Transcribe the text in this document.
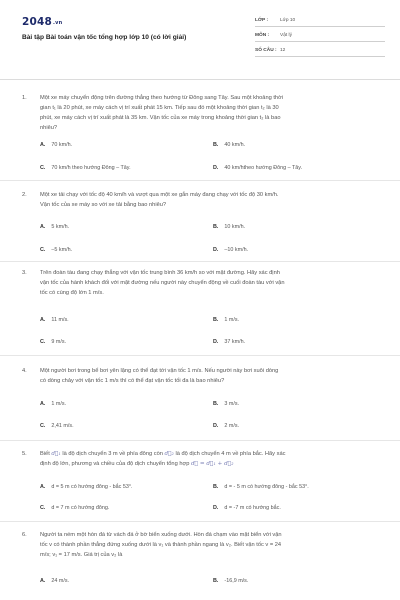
2048.vn
Bài tập Bài toán vận tốc tổng hợp lớp 10 (có lời giải)
LỚP :	Lớp 10
MÔN :	Vật lý
SỐ CÂU : 12
1. Một xe máy chuyển động trên đường thẳng theo hướng từ Đông sang Tây. Sau một khoảng thời
gian t₁ là 20 phút, xe máy cách vị trí xuất phát 15 km. Tiếp sau đó một khoảng thời gian t₂ là 30
phút, xe máy cách vị trí xuất phát là 35 km. Vận tốc của xe máy trong khoảng thời gian t₂ là bao
nhiêu?
A. 70 km/h.	B. 40 km/h.
C. 70 km/h theo hướng Đông – Tây.	D. 40 km/htheo hướng Đông – Tây.
2. Một xe tải chạy với tốc độ 40 km/h và vượt qua một xe gắn máy đang chạy với tốc độ 30 km/h.
Vận tốc của xe máy so với xe tải bằng bao nhiêu?
A. 5 km/h.	B. 10 km/h.
C. –5 km/h.	D. –10 km/h.
3. Trên đoàn tàu đang chạy thẳng với vận tốc trung bình 36 km/h so với mặt đường. Hãy xác định
vận tốc của hành khách đối với mặt đường nếu người này chuyển động về cuối đoàn tàu với vận
tốc có cùng độ lớn 1 m/s.
A. 11 m/s.	B. 1 m/s.
C. 9 m/s.	D. 37 km/h.
4. Một người bơi trong bể bơi yên lặng có thể đạt tới vận tốc 1 m/s. Nếu người này bơi xuôi dòng
có dòng chảy với vận tốc 1 m/s thì có thể đạt vận tốc tối đa là bao nhiêu?
A. 1 m/s.	B. 3 m/s.
C. 2,41 m/s.	D. 2 m/s.
5. Biết d⃗₁ là độ dịch chuyển 3 m về phía đông còn d⃗₂ là độ dịch chuyển 4 m về phía bắc. Hãy xác
định độ lớn, phương và chiều của độ dịch chuyển tổng hợp d⃗ = d⃗₁ + d⃗₂
A. d = 5 m có hướng đông - bắc 53°.	B. d = - 5 m có hướng đông - bắc 53°.
C. d = 7 m có hướng đông.	D. d = -7 m có hướng bắc.
6. Người ta ném một hòn đá từ vách đá ở bờ biển xuống dưới. Hòn đá chạm vào mặt biển với vận
tốc v có thành phần thẳng đứng xuống dưới là v₁ và thành phần ngang là v₂. Biết vận tốc v = 24
m/s; v₁ = 17 m/s. Giá trị của v₂ là
A. 24 m/s.	B. -16,9 m/s.
